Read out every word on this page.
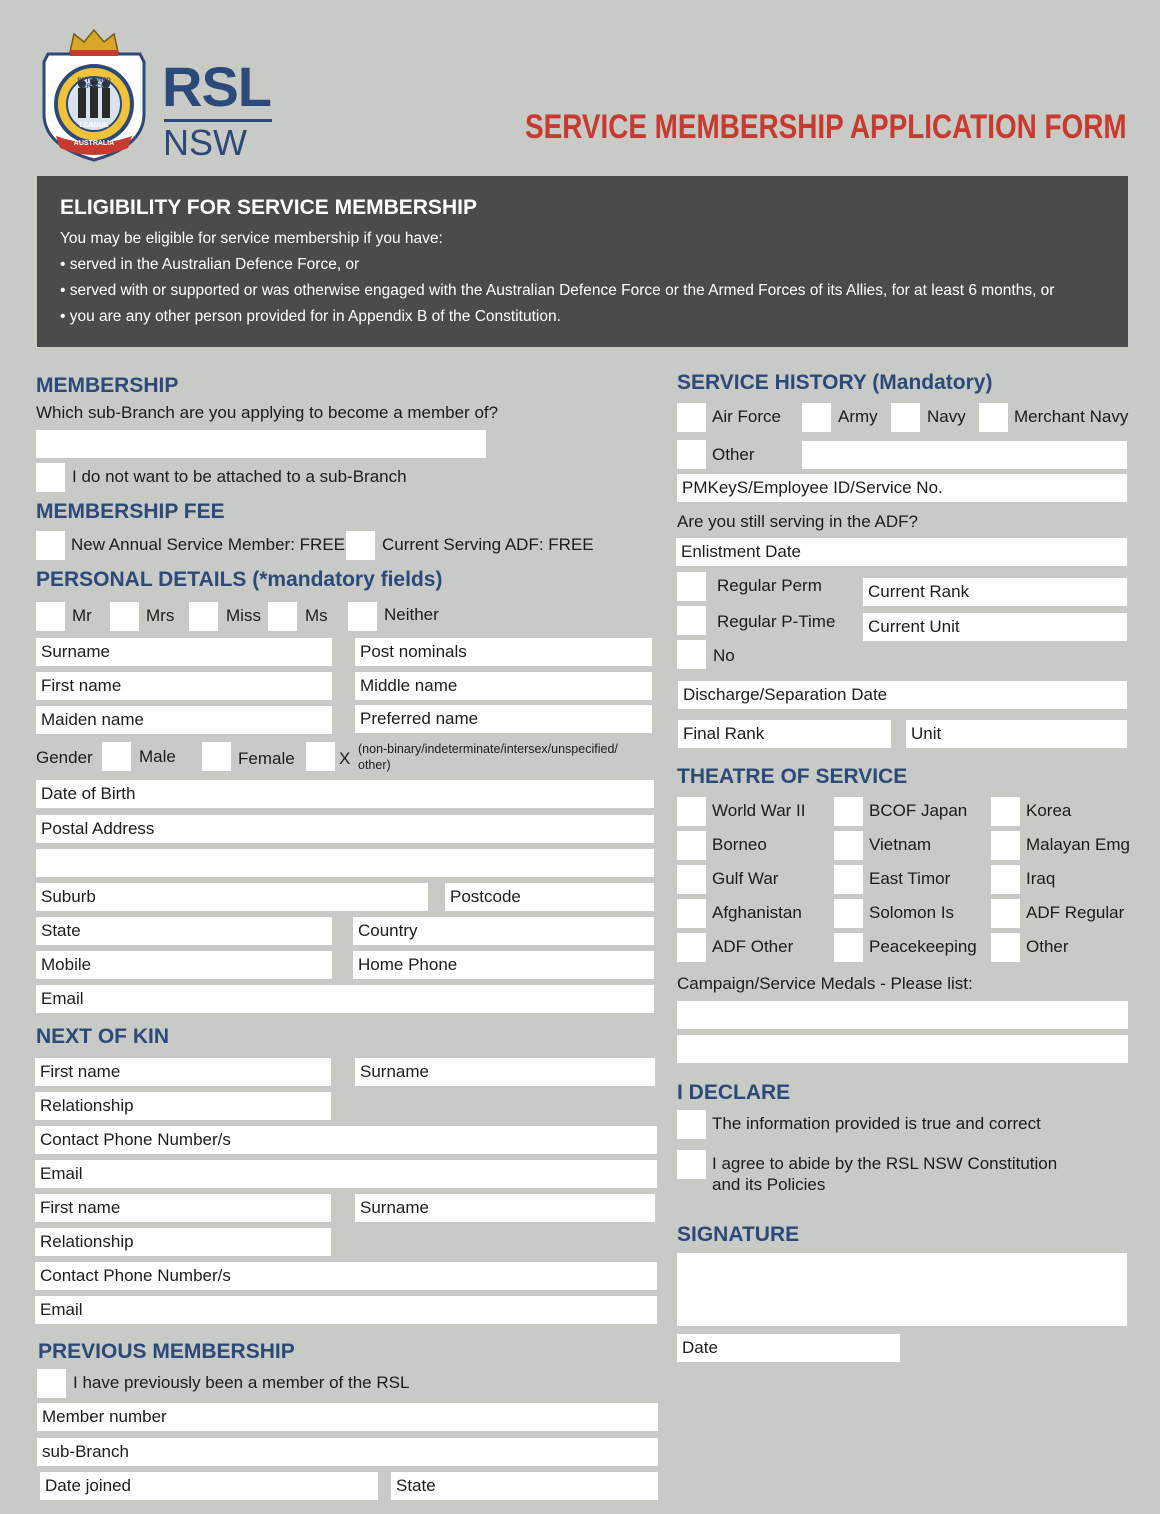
RETURNED SERVICES
LEAGUE
AUSTRALIA
RSL
NSW	SERVICE MEMBERSHIP APPLICATION FORM
ELIGIBILITY FOR SERVICE MEMBERSHIP
You may be eligible for service membership if you have:
• served in the Australian Defence Force, or
• served with or supported or was otherwise engaged with the Australian Defence Force or the Armed Forces of its Allies, for at least 6 months, or
• you are any other person provided for in Appendix B of the Constitution.
MEMBERSHIP
Which sub-Branch are you applying to become a member of?
I do not want to be attached to a sub-Branch
MEMBERSHIP FEE
New Annual Service Member: FREE Current Serving ADF: FREE
PERSONAL DETAILS (*mandatory fields)
Mr	Mrs	Miss	Ms	Neither
Surname	Post nominals
First name	Middle name
Maiden name	Preferred name
Gender	Male	Female	X (non-binary/indeterminate/intersex/unspecified/
other)
Date of Birth
Postal Address
Suburb	Postcode
State	Country
Mobile	Home Phone
Email
NEXT OF KIN
First name	Surname
Relationship
Contact Phone Number/s
Email
First name	Surname
Relationship
Contact Phone Number/s
Email
PREVIOUS MEMBERSHIP
I have previously been a member of the RSL
Member number
sub-Branch
Date joined	State
SERVICE HISTORY (Mandatory)
Air Force	Army	Navy	Merchant Navy
Other
PMKeyS/Employee ID/Service No.
Are you still serving in the ADF?
Enlistment Date
Regular Perm
Regular P-Time
No
Current Rank
Current Unit
Discharge/Separation Date
Final Rank	Unit
THEATRE OF SERVICE
World War II	BCOF Japan	Korea
Borneo	Vietnam	Malayan Emg
Gulf War	East Timor	Iraq
Afghanistan	Solomon Is	ADF Regular
ADF Other	Peacekeeping	Other
Campaign/Service Medals - Please list:
I DECLARE
The information provided is true and correct
I agree to abide by the RSL NSW Constitution
and its Policies
SIGNATURE
Date
